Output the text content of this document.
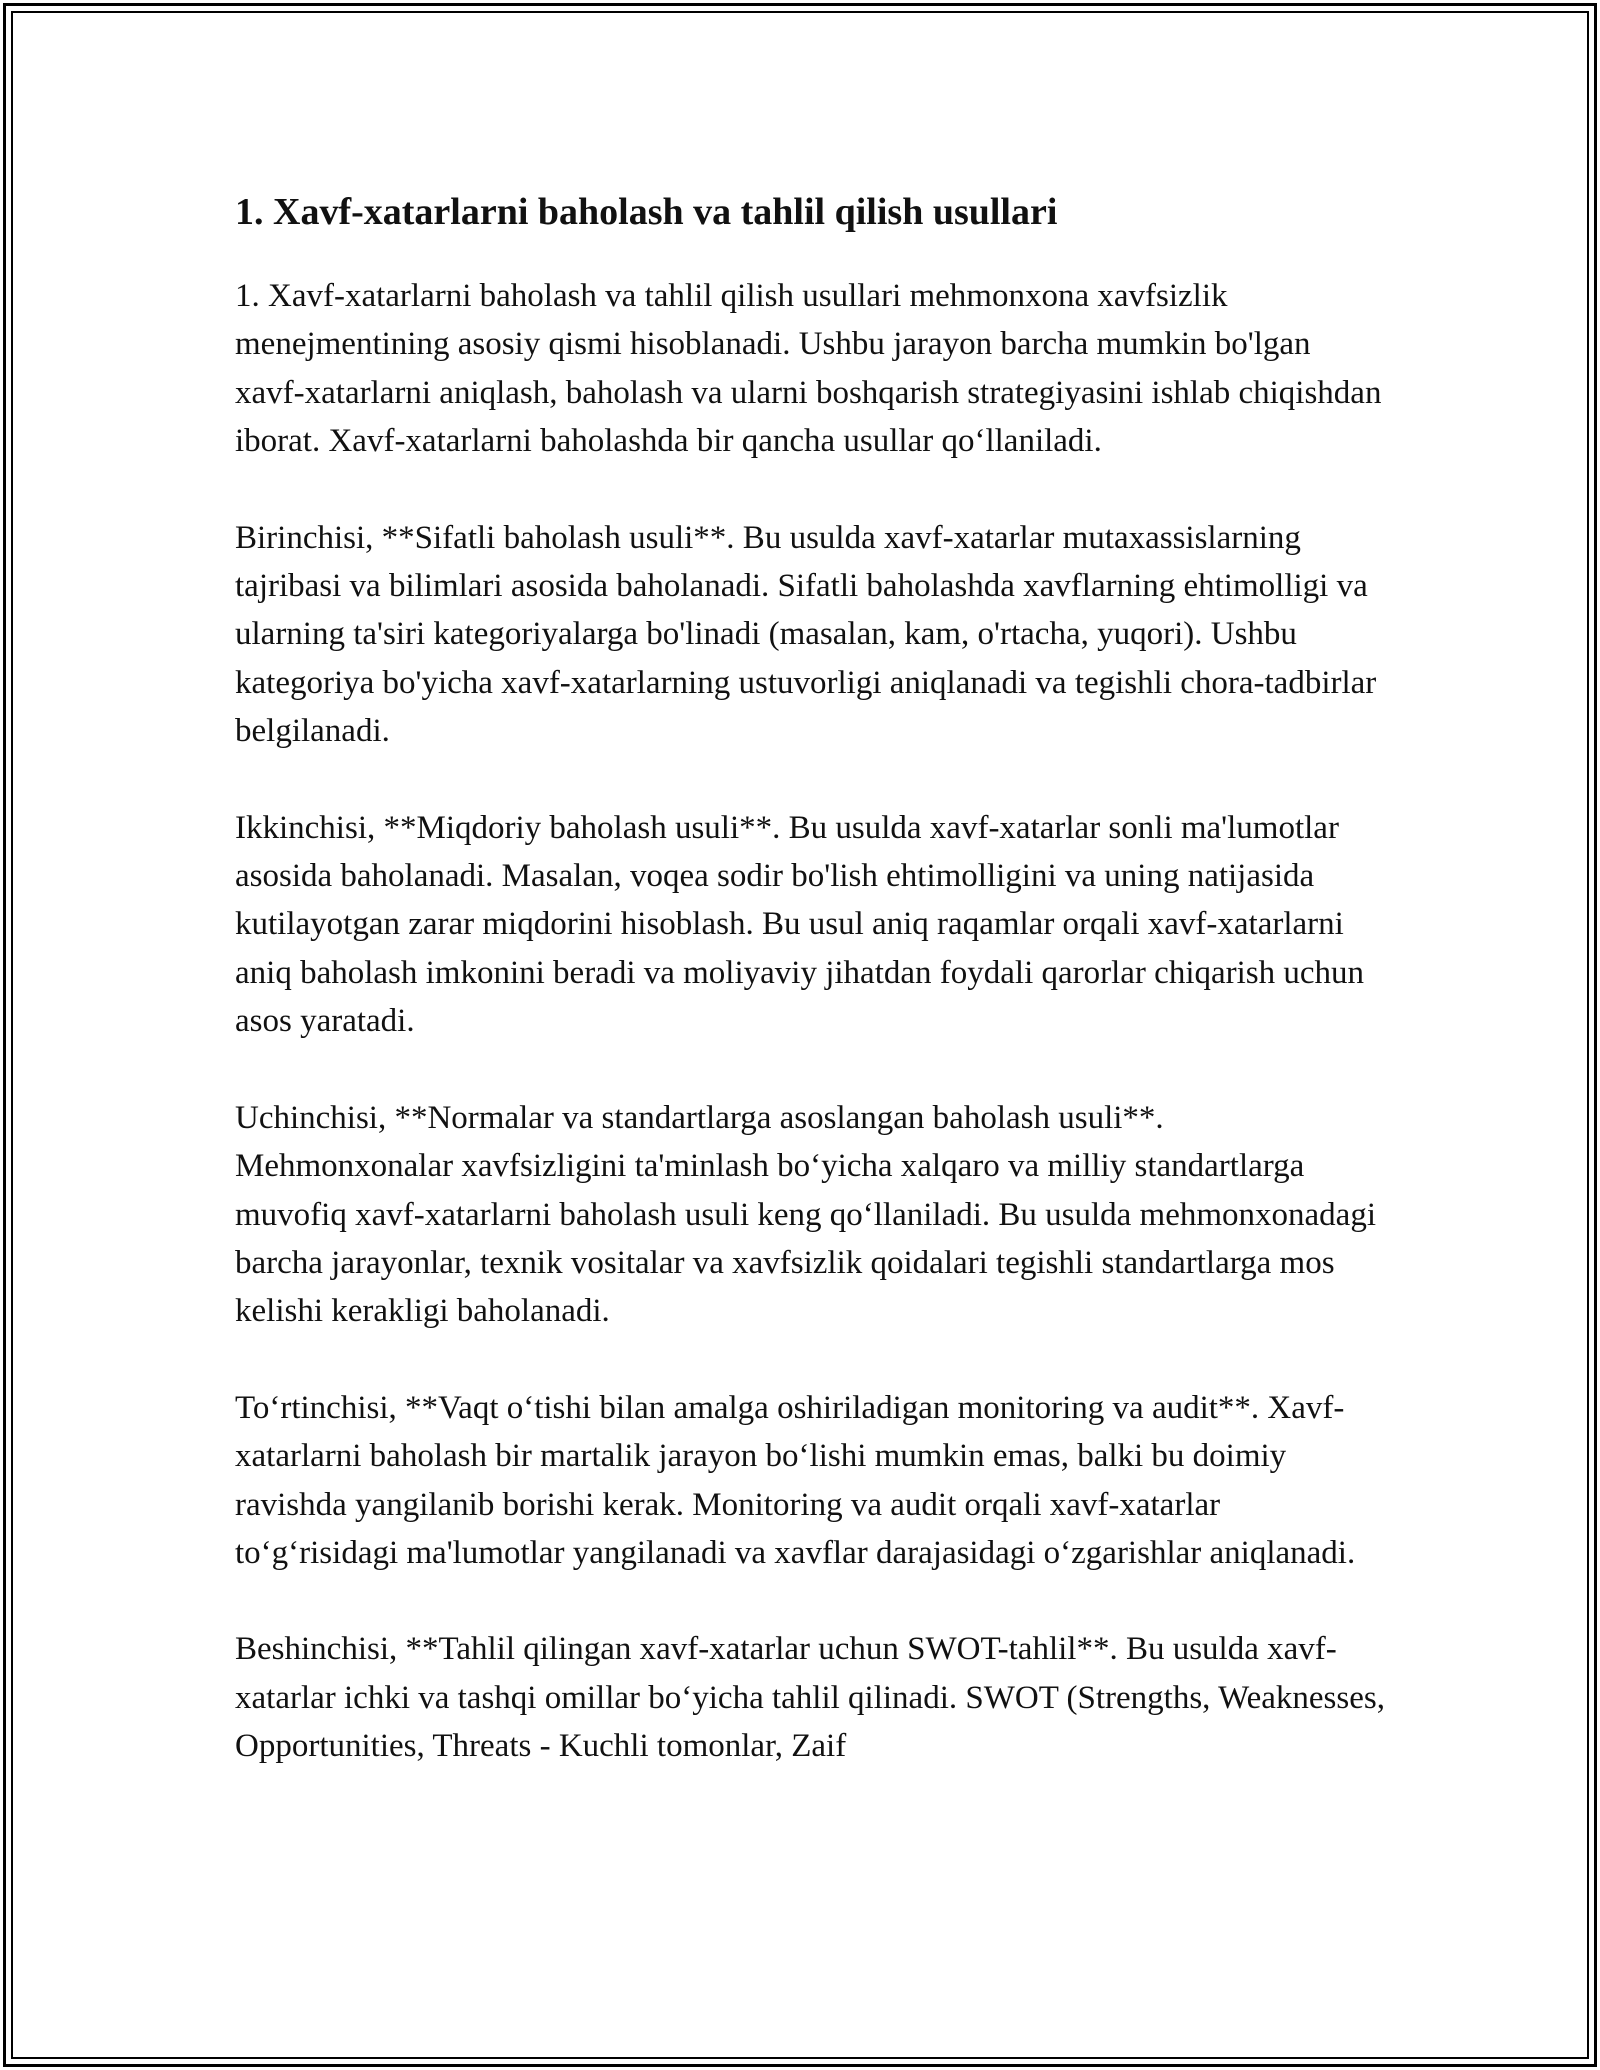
1. Xavf-xatarlarni baholash va tahlil qilish usullari

1. Xavf-xatarlarni baholash va tahlil qilish usullari mehmonxona xavfsizlik menejmentining asosiy qismi hisoblanadi. Ushbu jarayon barcha mumkin bo'lgan xavf-xatarlarni aniqlash, baholash va ularni boshqarish strategiyasini ishlab chiqishdan iborat. Xavf-xatarlarni baholashda bir qancha usullar qo‘llaniladi.

Birinchisi, **Sifatli baholash usuli**. Bu usulda xavf-xatarlar mutaxassislarning tajribasi va bilimlari asosida baholanadi. Sifatli baholashda xavflarning ehtimolligi va ularning ta'siri kategoriyalarga bo'linadi (masalan, kam, o'rtacha, yuqori). Ushbu kategoriya bo'yicha xavf-xatarlarning ustuvorligi aniqlanadi va tegishli chora-tadbirlar belgilanadi.

Ikkinchisi, **Miqdoriy baholash usuli**. Bu usulda xavf-xatarlar sonli ma'lumotlar asosida baholanadi. Masalan, voqea sodir bo'lish ehtimolligini va uning natijasida kutilayotgan zarar miqdorini hisoblash. Bu usul aniq raqamlar orqali xavf-xatarlarni aniq baholash imkonini beradi va moliyaviy jihatdan foydali qarorlar chiqarish uchun asos yaratadi.

Uchinchisi, **Normalar va standartlarga asoslangan baholash usuli**. Mehmonxonalar xavfsizligini ta'minlash bo‘yicha xalqaro va milliy standartlarga muvofiq xavf-xatarlarni baholash usuli keng qo‘llaniladi. Bu usulda mehmonxonadagi barcha jarayonlar, texnik vositalar va xavfsizlik qoidalari tegishli standartlarga mos kelishi kerakligi baholanadi.

To‘rtinchisi, **Vaqt o‘tishi bilan amalga oshiriladigan monitoring va audit**. Xavf-xatarlarni baholash bir martalik jarayon bo‘lishi mumkin emas, balki bu doimiy ravishda yangilanib borishi kerak. Monitoring va audit orqali xavf-xatarlar to‘g‘risidagi ma'lumotlar yangilanadi va xavflar darajasidagi o‘zgarishlar aniqlanadi.

Beshinchisi, **Tahlil qilingan xavf-xatarlar uchun SWOT-tahlil**. Bu usulda xavf-xatarlar ichki va tashqi omillar bo‘yicha tahlil qilinadi. SWOT (Strengths, Weaknesses, Opportunities, Threats - Kuchli tomonlar, Zaif
